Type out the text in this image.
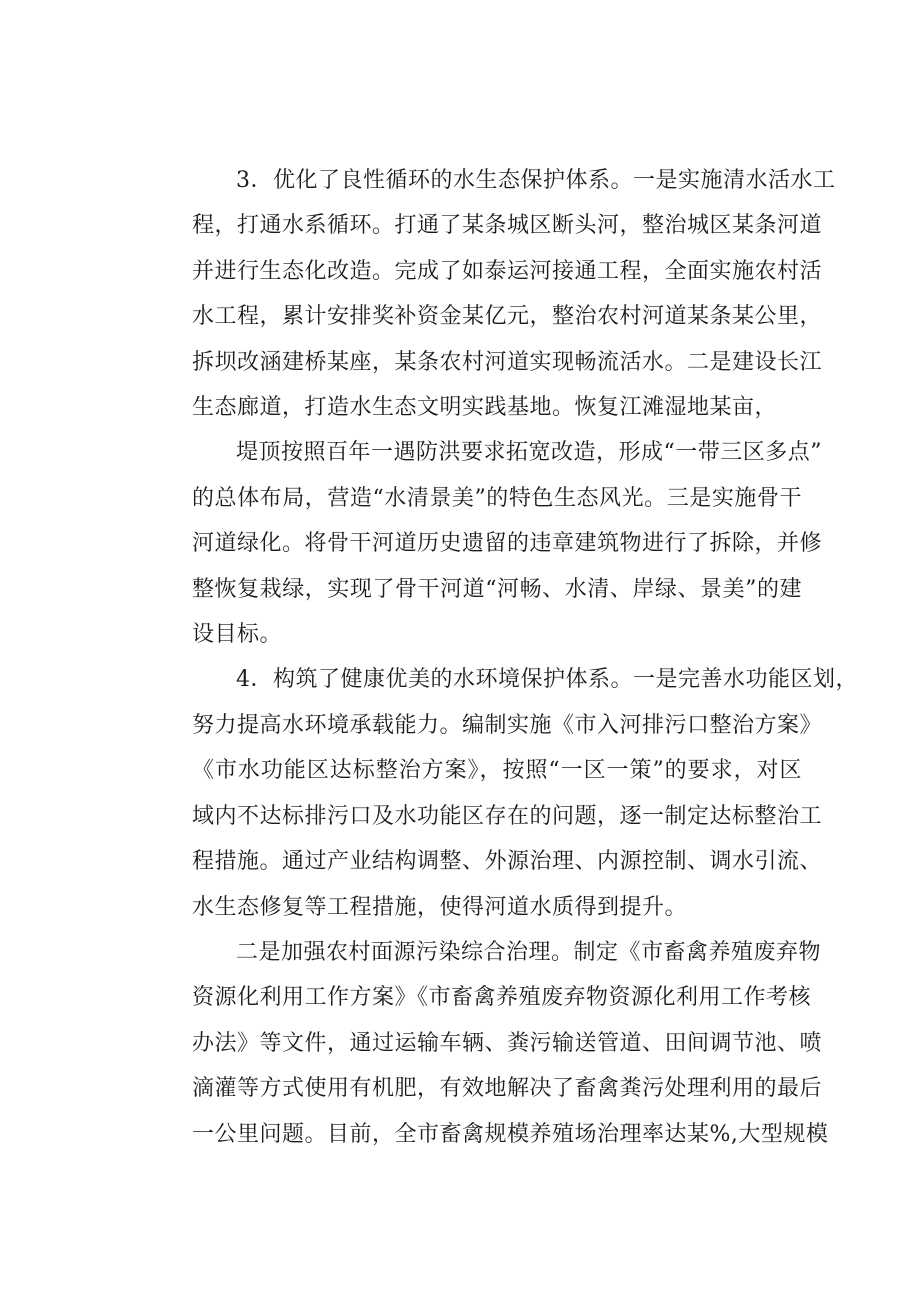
3．优化了良性循环的水生态保护体系。一是实施清水活水工
程，打通水系循环。打通了某条城区断头河，整治城区某条河道
并进行生态化改造。完成了如泰运河接通工程，全面实施农村活
水工程，累计安排奖补资金某亿元，整治农村河道某条某公里，
拆坝改涵建桥某座，某条农村河道实现畅流活水。二是建设长江
生态廊道，打造水生态文明实践基地。恢复江滩湿地某亩，
堤顶按照百年一遇防洪要求拓宽改造，形成“一带三区多点”
的总体布局，营造“水清景美”的特色生态风光。三是实施骨干
河道绿化。将骨干河道历史遗留的违章建筑物进行了拆除，并修
整恢复栽绿，实现了骨干河道“河畅、水清、岸绿、景美”的建
设目标。
4．构筑了健康优美的水环境保护体系。一是完善水功能区划，
努力提高水环境承载能力。编制实施《市入河排污口整治方案》
《市水功能区达标整治方案》，按照“一区一策”的要求，对区
域内不达标排污口及水功能区存在的问题，逐一制定达标整治工
程措施。通过产业结构调整、外源治理、内源控制、调水引流、
水生态修复等工程措施，使得河道水质得到提升。
二是加强农村面源污染综合治理。制定《市畜禽养殖废弃物
资源化利用工作方案》《市畜禽养殖废弃物资源化利用工作考核
办法》等文件，通过运输车辆、粪污输送管道、田间调节池、喷
滴灌等方式使用有机肥，有效地解决了畜禽粪污处理利用的最后
一公里问题。目前，全市畜禽规模养殖场治理率达某%,大型规模
